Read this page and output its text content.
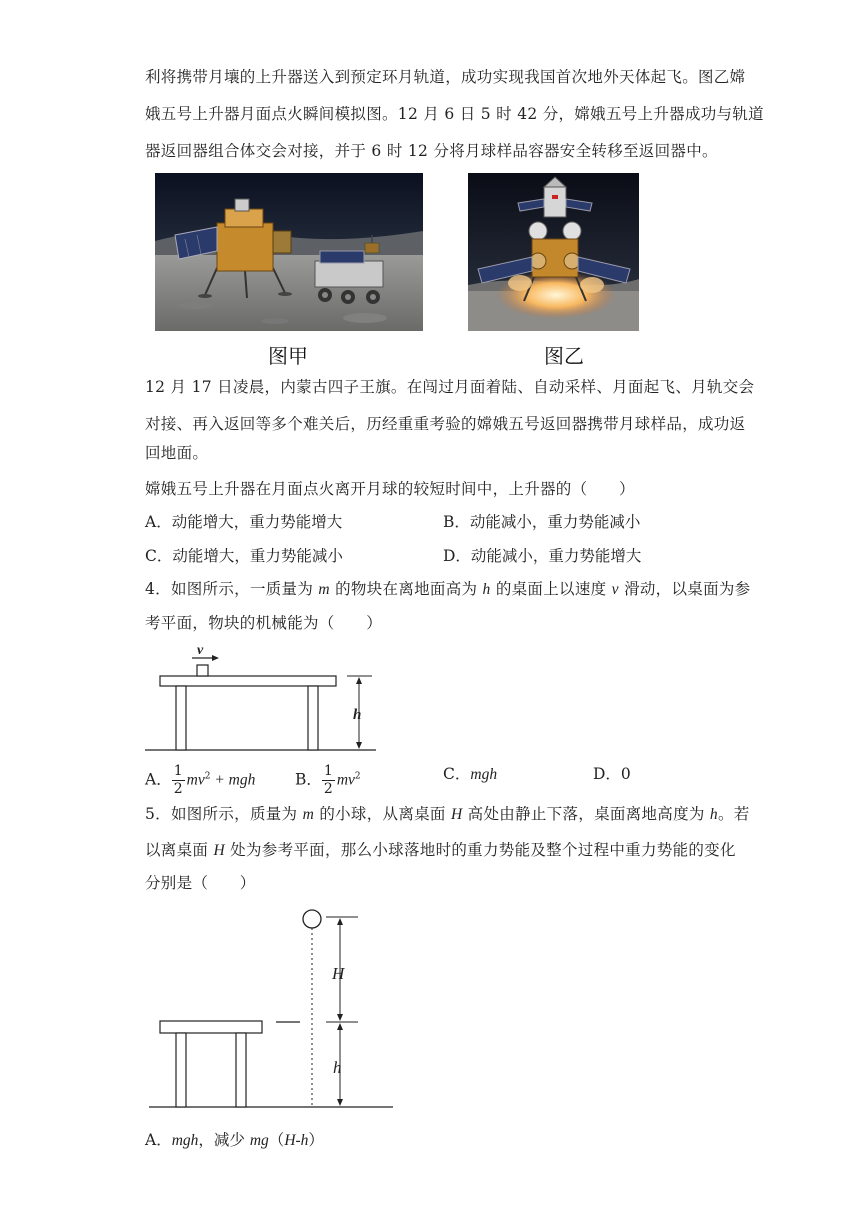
利将携带月壤的上升器送入到预定环月轨道，成功实现我国首次地外天体起飞。图乙嫦
娥五号上升器月面点火瞬间模拟图。12 月 6 日 5 时 42 分，嫦娥五号上升器成功与轨道
器返回器组合体交会对接，并于 6 时 12 分将月球样品容器安全转移至返回器中。
图甲	图乙
12 月 17 日凌晨，内蒙古四子王旗。在闯过月面着陆、自动采样、月面起飞、月轨交会
对接、再入返回等多个难关后，历经重重考验的嫦娥五号返回器携带月球样品，成功返
回地面。
嫦娥五号上升器在月面点火离开月球的较短时间中，上升器的（　　）
A．动能增大，重力势能增大	B．动能减小，重力势能减小
C．动能增大，重力势能减小	D．动能减小，重力势能增大
4．如图所示，一质量为 m 的物块在离地面高为 h 的桌面上以速度 v 滑动，以桌面为参
考平面，物块的机械能为（　　）
v
h
A． $\frac{1}{2} mv^2$ + mgh	B． $\frac{1}{2} mv^2$	C．mgh	D．0
5．如图所示，质量为 m 的小球，从离桌面 H 高处由静止下落，桌面离地高度为 h。若
以离桌面 H 处为参考平面，那么小球落地时的重力势能及整个过程中重力势能的变化
分别是（　　）
H
h
A．mgh，减少 mg（H-h）
